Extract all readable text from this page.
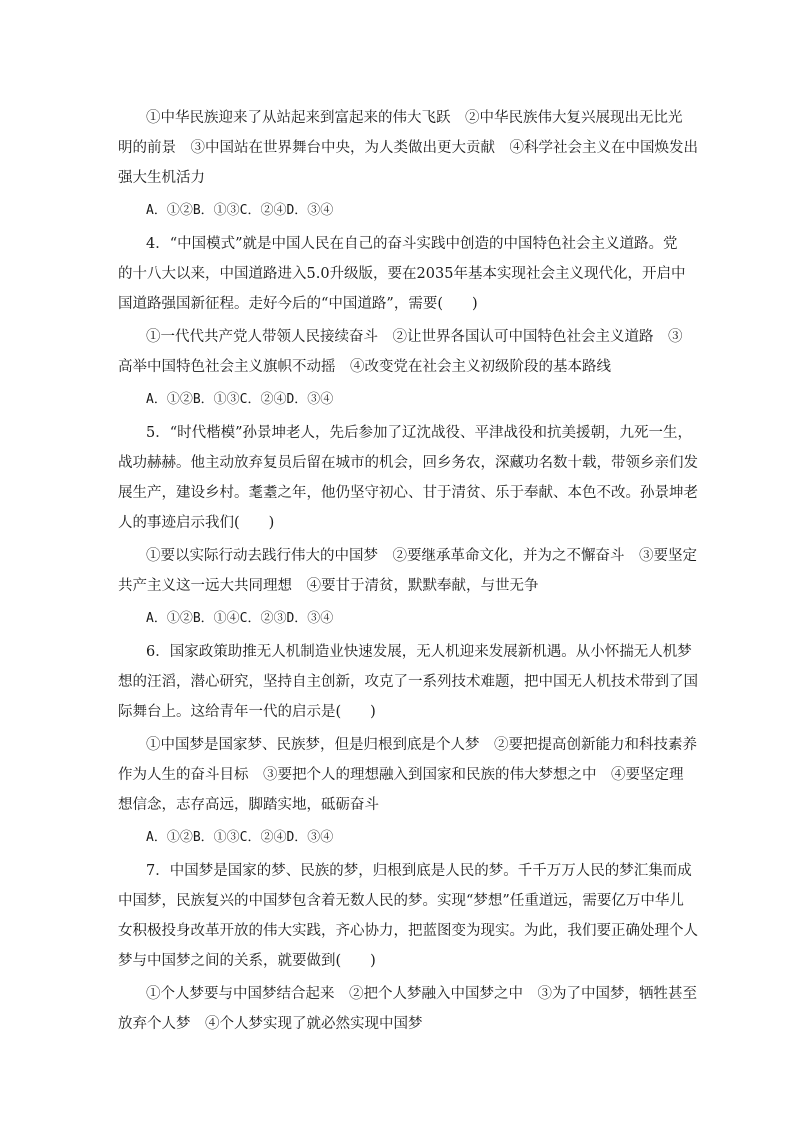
①中华民族迎来了从站起来到富起来的伟大飞跃　②中华民族伟大复兴展现出无比光
明的前景　③中国站在世界舞台中央，为人类做出更大贡献　④科学社会主义在中国焕发出
强大生机活力
A．①②B．①③C．②④D．③④
4．“中国模式”就是中国人民在自己的奋斗实践中创造的中国特色社会主义道路。党
的十八大以来，中国道路进入5.0升级版，要在2035年基本实现社会主义现代化，开启中
国道路强国新征程。走好今后的“中国道路”，需要(　　)
①一代代共产党人带领人民接续奋斗　②让世界各国认可中国特色社会主义道路　③
高举中国特色社会主义旗帜不动摇　④改变党在社会主义初级阶段的基本路线
A．①②B．①③C．②④D．③④
5．“时代楷模”孙景坤老人，先后参加了辽沈战役、平津战役和抗美援朝，九死一生，
战功赫赫。他主动放弃复员后留在城市的机会，回乡务农，深藏功名数十载，带领乡亲们发
展生产，建设乡村。耄耋之年，他仍坚守初心、甘于清贫、乐于奉献、本色不改。孙景坤老
人的事迹启示我们(　　)
①要以实际行动去践行伟大的中国梦　②要继承革命文化，并为之不懈奋斗　③要坚定
共产主义这一远大共同理想　④要甘于清贫，默默奉献，与世无争
A．①②B．①④C．②③D．③④
6．国家政策助推无人机制造业快速发展，无人机迎来发展新机遇。从小怀揣无人机梦
想的汪滔，潜心研究，坚持自主创新，攻克了一系列技术难题，把中国无人机技术带到了国
际舞台上。这给青年一代的启示是(　　)
①中国梦是国家梦、民族梦，但是归根到底是个人梦　②要把提高创新能力和科技素养
作为人生的奋斗目标　③要把个人的理想融入到国家和民族的伟大梦想之中　④要坚定理
想信念，志存高远，脚踏实地，砥砺奋斗
A．①②B．①③C．②④D．③④
7．中国梦是国家的梦、民族的梦，归根到底是人民的梦。千千万万人民的梦汇集而成
中国梦，民族复兴的中国梦包含着无数人民的梦。实现“梦想”任重道远，需要亿万中华儿
女积极投身改革开放的伟大实践，齐心协力，把蓝图变为现实。为此，我们要正确处理个人
梦与中国梦之间的关系，就要做到(　　)
①个人梦要与中国梦结合起来　②把个人梦融入中国梦之中　③为了中国梦，牺牲甚至
放弃个人梦　④个人梦实现了就必然实现中国梦
